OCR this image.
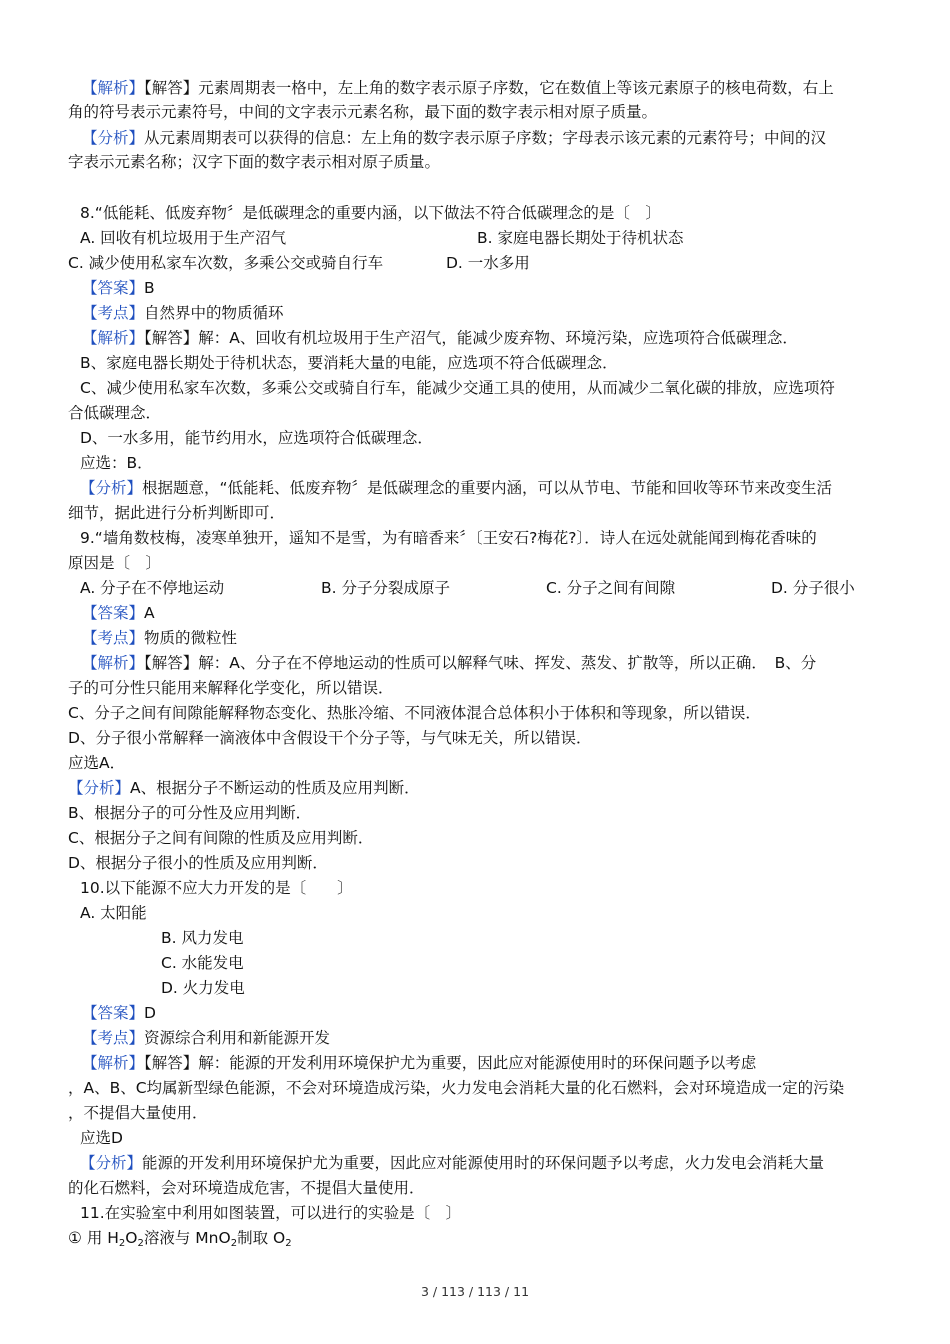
【解析】【解答】元素周期表一格中，左上角的数字表示原子序数，它在数值上等该元素原子的核电荷数，右上
角的符号表示元素符号，中间的文字表示元素名称，最下面的数字表示相对原子质量。
【分析】从元素周期表可以获得的信息：左上角的数字表示原子序数；字母表示该元素的元素符号；中间的汉
字表示元素名称；汉字下面的数字表示相对原子质量。
8.“低能耗、低废弃物〞是低碳理念的重要内涵，以下做法不符合低碳理念的是〔　〕
A. 回收有机垃圾用于生产沼气	B. 家庭电器长期处于待机状态
C. 减少使用私家车次数，多乘公交或骑自行车	D. 一水多用
【答案】B
【考点】自然界中的物质循环
【解析】【解答】解：A、回收有机垃圾用于生产沼气，能减少废弃物、环境污染，应选项符合低碳理念．
B、家庭电器长期处于待机状态，要消耗大量的电能，应选项不符合低碳理念．
C、减少使用私家车次数，多乘公交或骑自行车，能减少交通工具的使用，从而减少二氧化碳的排放，应选项符
合低碳理念．
D、一水多用，能节约用水，应选项符合低碳理念．
应选：B．
【分析】根据题意，“低能耗、低废弃物〞是低碳理念的重要内涵，可以从节电、节能和回收等环节来改变生活
细节，据此进行分析判断即可．
9.“墙角数枝梅，凌寒单独开，遥知不是雪，为有暗香来〞〔王安石?梅花?〕．诗人在远处就能闻到梅花香味的
原因是〔　〕
A. 分子在不停地运动	B. 分子分裂成原子	C. 分子之间有间隙	D. 分子很小
【答案】A
【考点】物质的微粒性
【解析】【解答】解：A、分子在不停地运动的性质可以解释气味、挥发、蒸发、扩散等，所以正确．　B、分
子的可分性只能用来解释化学变化，所以错误．
C、分子之间有间隙能解释物态变化、热胀冷缩、不同液体混合总体积小于体积和等现象，所以错误．
D、分子很小常解释一滴液体中含假设干个分子等，与气味无关，所以错误．
应选A．
【分析】A、根据分子不断运动的性质及应用判断．
B、根据分子的可分性及应用判断．
C、根据分子之间有间隙的性质及应用判断．
D、根据分子很小的性质及应用判断．
10.以下能源不应大力开发的是〔　　〕
A. 太阳能
B. 风力发电
C. 水能发电
D. 火力发电
【答案】D
【考点】资源综合利用和新能源开发
【解析】【解答】解：能源的开发利用环境保护尤为重要，因此应对能源使用时的环保问题予以考虑
，A、B、C均属新型绿色能源，不会对环境造成污染，火力发电会消耗大量的化石燃料，会对环境造成一定的污染
，不提倡大量使用．
应选D
【分析】能源的开发利用环境保护尤为重要，因此应对能源使用时的环保问题予以考虑，火力发电会消耗大量
的化石燃料，会对环境造成危害，不提倡大量使用．
11.在实验室中利用如图装置，可以进行的实验是〔　〕
① 用 $H_2O_2$溶液与 MnO$_2$制取 $O_2$
3 / 113 / 113 / 11
